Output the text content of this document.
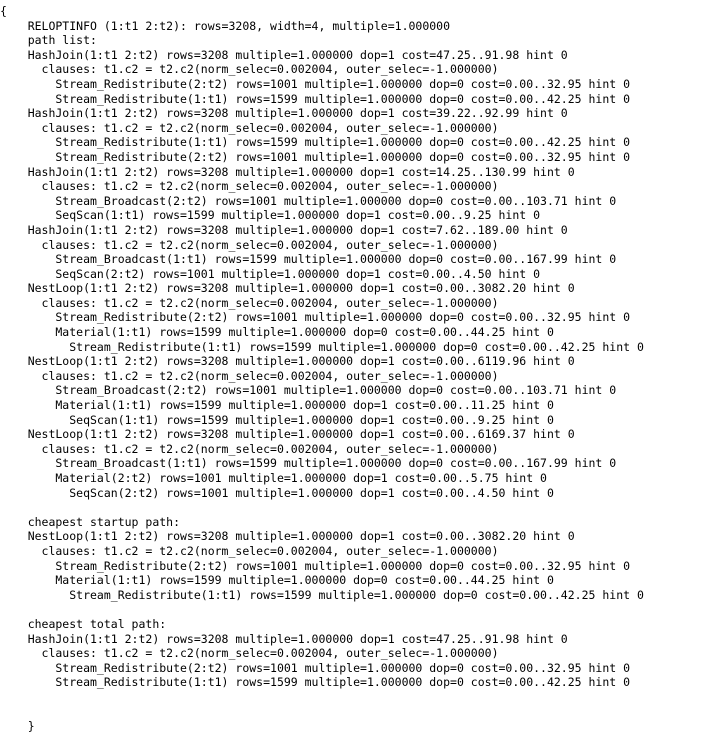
{
RELOPTINFO (1:t1 2:t2): rows=3208, width=4, multiple=1.000000
path list:
HashJoin(1:t1 2:t2) rows=3208 multiple=1.000000 dop=1 cost=47.25..91.98 hint 0
clauses: t1.c2 = t2.c2(norm_selec=0.002004, outer_selec=-1.000000)
Stream_Redistribute(2:t2) rows=1001 multiple=1.000000 dop=0 cost=0.00..32.95 hint 0
Stream_Redistribute(1:t1) rows=1599 multiple=1.000000 dop=0 cost=0.00..42.25 hint 0
HashJoin(1:t1 2:t2) rows=3208 multiple=1.000000 dop=1 cost=39.22..92.99 hint 0
clauses: t1.c2 = t2.c2(norm_selec=0.002004, outer_selec=-1.000000)
Stream_Redistribute(1:t1) rows=1599 multiple=1.000000 dop=0 cost=0.00..42.25 hint 0
Stream_Redistribute(2:t2) rows=1001 multiple=1.000000 dop=0 cost=0.00..32.95 hint 0
HashJoin(1:t1 2:t2) rows=3208 multiple=1.000000 dop=1 cost=14.25..130.99 hint 0
clauses: t1.c2 = t2.c2(norm_selec=0.002004, outer_selec=-1.000000)
Stream_Broadcast(2:t2) rows=1001 multiple=1.000000 dop=0 cost=0.00..103.71 hint 0
SeqScan(1:t1) rows=1599 multiple=1.000000 dop=1 cost=0.00..9.25 hint 0
HashJoin(1:t1 2:t2) rows=3208 multiple=1.000000 dop=1 cost=7.62..189.00 hint 0
clauses: t1.c2 = t2.c2(norm_selec=0.002004, outer_selec=-1.000000)
Stream_Broadcast(1:t1) rows=1599 multiple=1.000000 dop=0 cost=0.00..167.99 hint 0
SeqScan(2:t2) rows=1001 multiple=1.000000 dop=1 cost=0.00..4.50 hint 0
NestLoop(1:t1 2:t2) rows=3208 multiple=1.000000 dop=1 cost=0.00..3082.20 hint 0
clauses: t1.c2 = t2.c2(norm_selec=0.002004, outer_selec=-1.000000)
Stream_Redistribute(2:t2) rows=1001 multiple=1.000000 dop=0 cost=0.00..32.95 hint 0
Material(1:t1) rows=1599 multiple=1.000000 dop=0 cost=0.00..44.25 hint 0
Stream_Redistribute(1:t1) rows=1599 multiple=1.000000 dop=0 cost=0.00..42.25 hint 0
NestLoop(1:t1 2:t2) rows=3208 multiple=1.000000 dop=1 cost=0.00..6119.96 hint 0
clauses: t1.c2 = t2.c2(norm_selec=0.002004, outer_selec=-1.000000)
Stream_Broadcast(2:t2) rows=1001 multiple=1.000000 dop=0 cost=0.00..103.71 hint 0
Material(1:t1) rows=1599 multiple=1.000000 dop=1 cost=0.00..11.25 hint 0
SeqScan(1:t1) rows=1599 multiple=1.000000 dop=1 cost=0.00..9.25 hint 0
NestLoop(1:t1 2:t2) rows=3208 multiple=1.000000 dop=1 cost=0.00..6169.37 hint 0
clauses: t1.c2 = t2.c2(norm_selec=0.002004, outer_selec=-1.000000)
Stream_Broadcast(1:t1) rows=1599 multiple=1.000000 dop=0 cost=0.00..167.99 hint 0
Material(2:t2) rows=1001 multiple=1.000000 dop=1 cost=0.00..5.75 hint 0
SeqScan(2:t2) rows=1001 multiple=1.000000 dop=1 cost=0.00..4.50 hint 0

cheapest startup path:
NestLoop(1:t1 2:t2) rows=3208 multiple=1.000000 dop=1 cost=0.00..3082.20 hint 0
clauses: t1.c2 = t2.c2(norm_selec=0.002004, outer_selec=-1.000000)
Stream_Redistribute(2:t2) rows=1001 multiple=1.000000 dop=0 cost=0.00..32.95 hint 0
Material(1:t1) rows=1599 multiple=1.000000 dop=0 cost=0.00..44.25 hint 0
Stream_Redistribute(1:t1) rows=1599 multiple=1.000000 dop=0 cost=0.00..42.25 hint 0

cheapest total path:
HashJoin(1:t1 2:t2) rows=3208 multiple=1.000000 dop=1 cost=47.25..91.98 hint 0
clauses: t1.c2 = t2.c2(norm_selec=0.002004, outer_selec=-1.000000)
Stream_Redistribute(2:t2) rows=1001 multiple=1.000000 dop=0 cost=0.00..32.95 hint 0
Stream_Redistribute(1:t1) rows=1599 multiple=1.000000 dop=0 cost=0.00..42.25 hint 0

}
